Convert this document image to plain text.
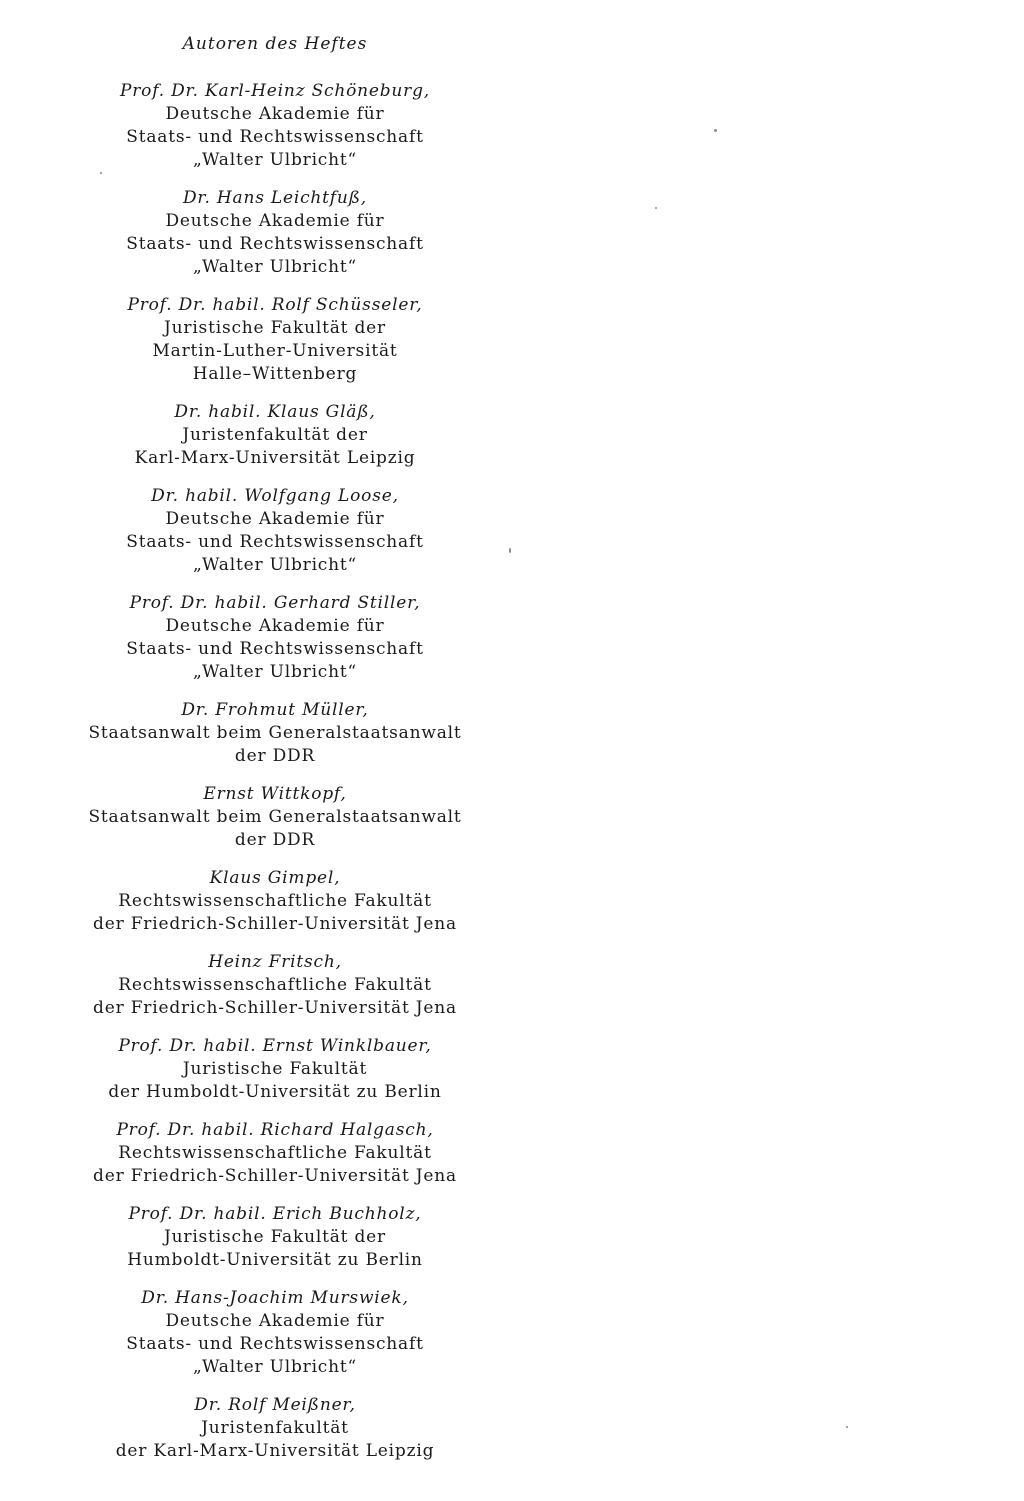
Autoren des Heftes
Prof. Dr. Karl-Heinz Schöneburg,
Deutsche Akademie für
Staats- und Rechtswissenschaft
„Walter Ulbricht“
Dr. Hans Leichtfuß,
Deutsche Akademie für
Staats- und Rechtswissenschaft
„Walter Ulbricht“
Prof. Dr. habil. Rolf Schüsseler,
Juristische Fakultät der
Martin-Luther-Universität
Halle–Wittenberg
Dr. habil. Klaus Gläß,
Juristenfakultät der
Karl-Marx-Universität Leipzig
Dr. habil. Wolfgang Loose,
Deutsche Akademie für
Staats- und Rechtswissenschaft
„Walter Ulbricht“
Prof. Dr. habil. Gerhard Stiller,
Deutsche Akademie für
Staats- und Rechtswissenschaft
„Walter Ulbricht“
Dr. Frohmut Müller,
Staatsanwalt beim Generalstaatsanwalt
der DDR
Ernst Wittkopf,
Staatsanwalt beim Generalstaatsanwalt
der DDR
Klaus Gimpel,
Rechtswissenschaftliche Fakultät
der Friedrich-Schiller-Universität Jena
Heinz Fritsch,
Rechtswissenschaftliche Fakultät
der Friedrich-Schiller-Universität Jena
Prof. Dr. habil. Ernst Winklbauer,
Juristische Fakultät
der Humboldt-Universität zu Berlin
Prof. Dr. habil. Richard Halgasch,
Rechtswissenschaftliche Fakultät
der Friedrich-Schiller-Universität Jena
Prof. Dr. habil. Erich Buchholz,
Juristische Fakultät der
Humboldt-Universität zu Berlin
Dr. Hans-Joachim Murswiek,
Deutsche Akademie für
Staats- und Rechtswissenschaft
„Walter Ulbricht“
Dr. Rolf Meißner,
Juristenfakultät
der Karl-Marx-Universität Leipzig
